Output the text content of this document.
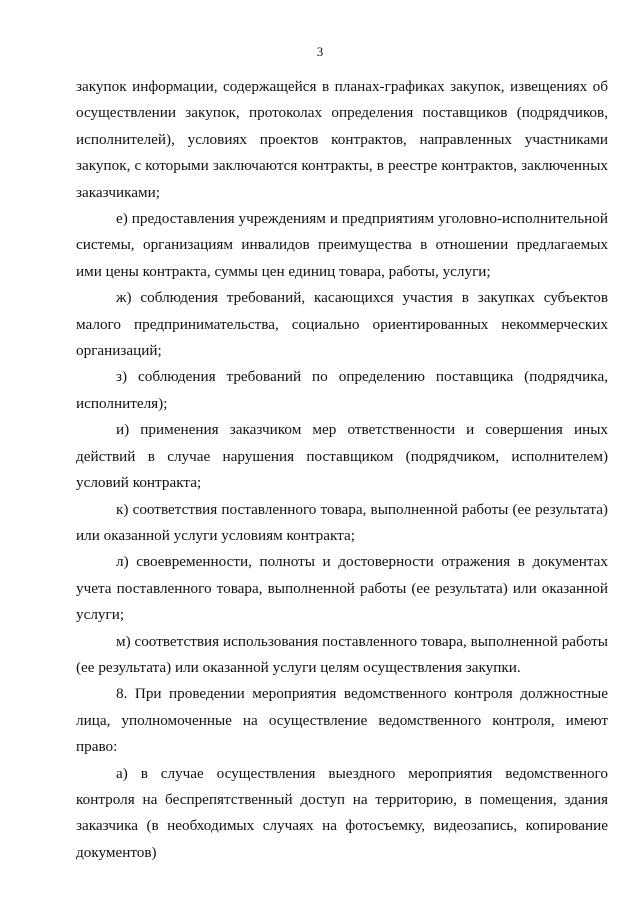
3

закупок информации, содержащейся в планах-графиках закупок, извещениях об осуществлении закупок, протоколах определения поставщиков (подрядчиков, исполнителей), условиях проектов контрактов, направленных участниками закупок, с которыми заключаются контракты, в реестре контрактов, заключенных заказчиками;

е) предоставления учреждениям и предприятиям уголовно-исполнительной системы, организациям инвалидов преимущества в отношении предлагаемых ими цены контракта, суммы цен единиц товара, работы, услуги;

ж) соблюдения требований, касающихся участия в закупках субъектов малого предпринимательства, социально ориентированных некоммерческих организаций;

з) соблюдения требований по определению поставщика (подрядчика, исполнителя);

и) применения заказчиком мер ответственности и совершения иных действий в случае нарушения поставщиком (подрядчиком, исполнителем) условий контракта;

к) соответствия поставленного товара, выполненной работы (ее результата) или оказанной услуги условиям контракта;

л) своевременности, полноты и достоверности отражения в документах учета поставленного товара, выполненной работы (ее результата) или оказанной услуги;

м) соответствия использования поставленного товара, выполненной работы (ее результата) или оказанной услуги целям осуществления закупки.

8. При проведении мероприятия ведомственного контроля должностные лица, уполномоченные на осуществление ведомственного контроля, имеют право:

а) в случае осуществления выездного мероприятия ведомственного контроля на беспрепятственный доступ на территорию, в помещения, здания заказчика (в необходимых случаях на фотосъемку, видеозапись, копирование документов)
